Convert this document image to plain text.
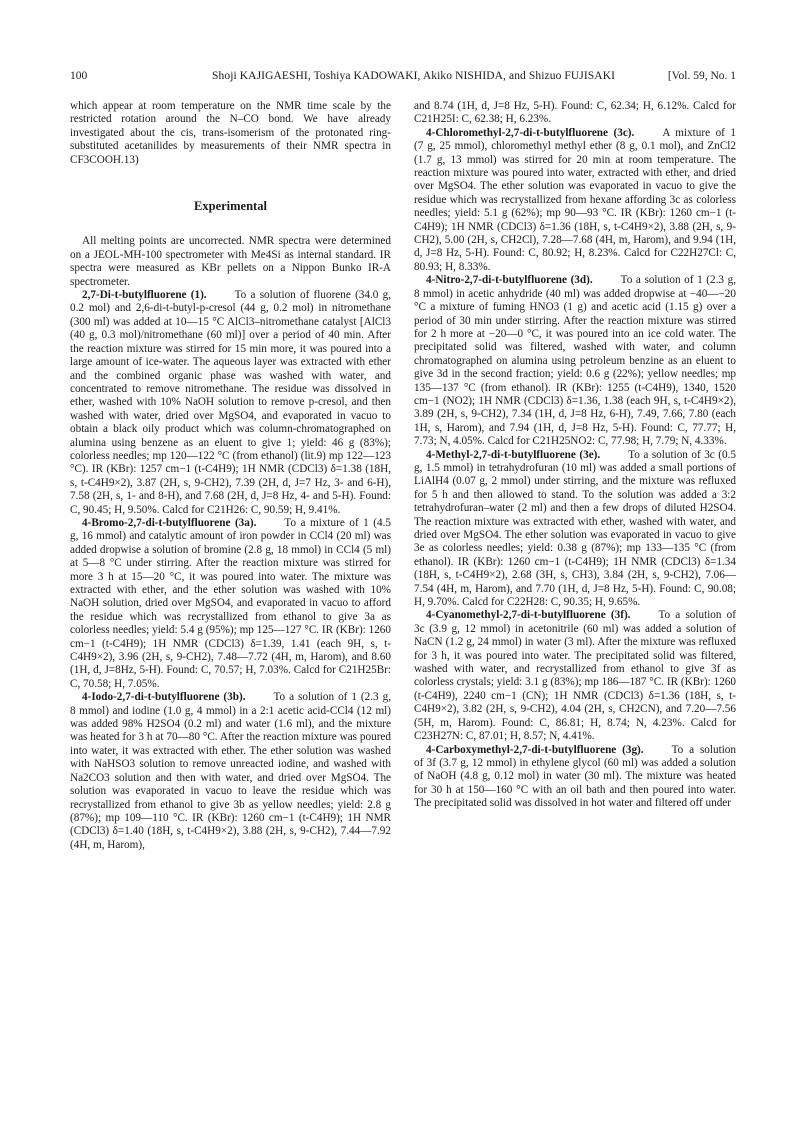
100	Shoji KAJIGAESHI, Toshiya KADOWAKI, Akiko NISHIDA, and Shizuo FUJISAKI	[Vol. 59, No. 1

which appear at room temperature on the NMR time scale by the restricted rotation around the N–CO bond. We have already investigated about the cis, trans-isomerism of the protonated ring-substituted acetanilides by measurements of their NMR spectra in CF3COOH.13)

Experimental

All melting points are uncorrected. NMR spectra were determined on a JEOL-MH-100 spectrometer with Me4Si as internal standard. IR spectra were measured as KBr pellets on a Nippon Bunko IR-A spectrometer.

2,7-Di-t-butylfluorene (1).	To a solution of fluorene (34.0 g, 0.2 mol) and 2,6-di-t-butyl-p-cresol (44 g, 0.2 mol) in nitromethane (300 ml) was added at 10—15 °C AlCl3–nitromethane catalyst [AlCl3 (40 g, 0.3 mol)/nitromethane (60 ml)] over a period of 40 min. After the reaction mixture was stirred for 15 min more, it was poured into a large amount of ice-water. The aqueous layer was extracted with ether and the combined organic phase was washed with water, and concentrated to remove nitromethane. The residue was dissolved in ether, washed with 10% NaOH solution to remove p-cresol, and then washed with water, dried over MgSO4, and evaporated in vacuo to obtain a black oily product which was column-chromatographed on alumina using benzene as an eluent to give 1; yield: 46 g (83%); colorless needles; mp 120—122 °C (from ethanol) (lit.9) mp 122—123 °C). IR (KBr): 1257 cm−1 (t-C4H9); 1H NMR (CDCl3) δ=1.38 (18H, s, t-C4H9×2), 3.87 (2H, s, 9-CH2), 7.39 (2H, d, J=7 Hz, 3- and 6-H), 7.58 (2H, s, 1- and 8-H), and 7.68 (2H, d, J=8 Hz, 4- and 5-H). Found: C, 90.45; H, 9.50%. Calcd for C21H26: C, 90.59; H, 9.41%.

4-Bromo-2,7-di-t-butylfluorene (3a).	To a mixture of 1 (4.5 g, 16 mmol) and catalytic amount of iron powder in CCl4 (20 ml) was added dropwise a solution of bromine (2.8 g, 18 mmol) in CCl4 (5 ml) at 5—8 °C under stirring. After the reaction mixture was stirred for more 3 h at 15—20 °C, it was poured into water. The mixture was extracted with ether, and the ether solution was washed with 10% NaOH solution, dried over MgSO4, and evaporated in vacuo to afford the residue which was recrystallized from ethanol to give 3a as colorless needles; yield: 5.4 g (95%); mp 125—127 °C. IR (KBr): 1260 cm−1 (t-C4H9); 1H NMR (CDCl3) δ=1.39, 1.41 (each 9H, s, t-C4H9×2), 3.96 (2H, s, 9-CH2), 7.48—7.72 (4H, m, Harom), and 8.60 (1H, d, J=8Hz, 5-H). Found: C, 70.57; H, 7.03%. Calcd for C21H25Br: C, 70.58; H, 7.05%.

4-Iodo-2,7-di-t-butylfluorene (3b).	To a solution of 1 (2.3 g, 8 mmol) and iodine (1.0 g, 4 mmol) in a 2:1 acetic acid-CCl4 (12 ml) was added 98% H2SO4 (0.2 ml) and water (1.6 ml), and the mixture was heated for 3 h at 70—80 °C. After the reaction mixture was poured into water, it was extracted with ether. The ether solution was washed with NaHSO3 solution to remove unreacted iodine, and washed with Na2CO3 solution and then with water, and dried over MgSO4. The solution was evaporated in vacuo to leave the residue which was recrystallized from ethanol to give 3b as yellow needles; yield: 2.8 g (87%); mp 109—110 °C. IR (KBr): 1260 cm−1 (t-C4H9); 1H NMR (CDCl3) δ=1.40 (18H, s, t-C4H9×2), 3.88 (2H, s, 9-CH2), 7.44—7.92 (4H, m, Harom),

and 8.74 (1H, d, J=8 Hz, 5-H). Found: C, 62.34; H, 6.12%. Calcd for C21H25I: C, 62.38; H, 6.23%.

4-Chloromethyl-2,7-di-t-butylfluorene (3c).	A mixture of 1 (7 g, 25 mmol), chloromethyl methyl ether (8 g, 0.1 mol), and ZnCl2 (1.7 g, 13 mmol) was stirred for 20 min at room temperature. The reaction mixture was poured into water, extracted with ether, and dried over MgSO4. The ether solution was evaporated in vacuo to give the residue which was recrystallized from hexane affording 3c as colorless needles; yield: 5.1 g (62%); mp 90—93 °C. IR (KBr): 1260 cm−1 (t-C4H9); 1H NMR (CDCl3) δ=1.36 (18H, s, t-C4H9×2), 3.88 (2H, s, 9-CH2), 5.00 (2H, s, CH2Cl), 7.28—7.68 (4H, m, Harom), and 9.94 (1H, d, J=8 Hz, 5-H). Found: C, 80.92; H, 8.23%. Calcd for C22H27Cl: C, 80.93; H, 8.33%.

4-Nitro-2,7-di-t-butylfluorene (3d).	To a solution of 1 (2.3 g, 8 mmol) in acetic anhydride (40 ml) was added dropwise at −40—−20 °C a mixture of fuming HNO3 (1 g) and acetic acid (1.15 g) over a period of 30 min under stirring. After the reaction mixture was stirred for 2 h more at −20—0 °C, it was poured into an ice cold water. The precipitated solid was filtered, washed with water, and column chromatographed on alumina using petroleum benzine as an eluent to give 3d in the second fraction; yield: 0.6 g (22%); yellow needles; mp 135—137 °C (from ethanol). IR (KBr): 1255 (t-C4H9), 1340, 1520 cm−1 (NO2); 1H NMR (CDCl3) δ=1.36, 1.38 (each 9H, s, t-C4H9×2), 3.89 (2H, s, 9-CH2), 7.34 (1H, d, J=8 Hz, 6-H), 7.49, 7.66, 7.80 (each 1H, s, Harom), and 7.94 (1H, d, J=8 Hz, 5-H). Found: C, 77.77; H, 7.73; N, 4.05%. Calcd for C21H25NO2: C, 77.98; H, 7.79; N, 4.33%.

4-Methyl-2,7-di-t-butylfluorene (3e).	To a solution of 3c (0.5 g, 1.5 mmol) in tetrahydrofuran (10 ml) was added a small portions of LiAlH4 (0.07 g, 2 mmol) under stirring, and the mixture was refluxed for 5 h and then allowed to stand. To the solution was added a 3:2 tetrahydrofuran–water (2 ml) and then a few drops of diluted H2SO4. The reaction mixture was extracted with ether, washed with water, and dried over MgSO4. The ether solution was evaporated in vacuo to give 3e as colorless needles; yield: 0.38 g (87%); mp 133—135 °C (from ethanol). IR (KBr): 1260 cm−1 (t-C4H9); 1H NMR (CDCl3) δ=1.34 (18H, s, t-C4H9×2), 2.68 (3H, s, CH3), 3.84 (2H, s, 9-CH2), 7.06—7.54 (4H, m, Harom), and 7.70 (1H, d, J=8 Hz, 5-H). Found: C, 90.08; H, 9.70%. Calcd for C22H28: C, 90.35; H, 9.65%.

4-Cyanomethyl-2,7-di-t-butylfluorene (3f).	To a solution of 3c (3.9 g, 12 mmol) in acetonitrile (60 ml) was added a solution of NaCN (1.2 g, 24 mmol) in water (3 ml). After the mixture was refluxed for 3 h, it was poured into water. The precipitated solid was filtered, washed with water, and recrystallized from ethanol to give 3f as colorless crystals; yield: 3.1 g (83%); mp 186—187 °C. IR (KBr): 1260 (t-C4H9), 2240 cm−1 (CN); 1H NMR (CDCl3) δ=1.36 (18H, s, t-C4H9×2), 3.82 (2H, s, 9-CH2), 4.04 (2H, s, CH2CN), and 7.20—7.56 (5H, m, Harom). Found: C, 86.81; H, 8.74; N, 4.23%. Calcd for C23H27N: C, 87.01; H, 8.57; N, 4.41%.

4-Carboxymethyl-2,7-di-t-butylfluorene (3g).	To a solution of 3f (3.7 g, 12 mmol) in ethylene glycol (60 ml) was added a solution of NaOH (4.8 g, 0.12 mol) in water (30 ml). The mixture was heated for 30 h at 150—160 °C with an oil bath and then poured into water. The precipitated solid was dissolved in hot water and filtered off under
